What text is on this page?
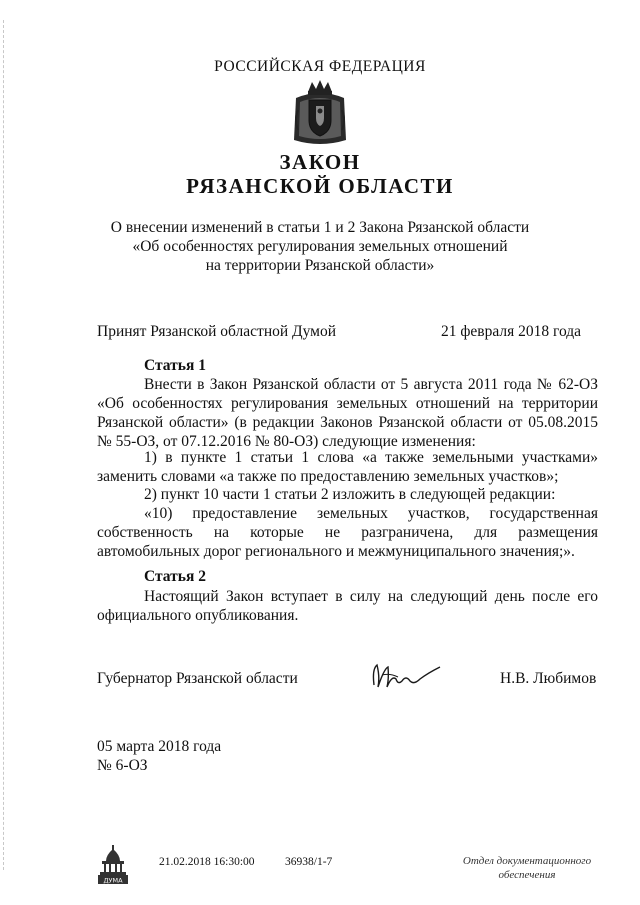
РОССИЙСКАЯ ФЕДЕРАЦИЯ
ЗАКОН
РЯЗАНСКОЙ ОБЛАСТИ
О внесении изменений в статьи 1 и 2 Закона Рязанской области
«Об особенностях регулирования земельных отношений
на территории Рязанской области»
Принят Рязанской областной Думой	21 февраля 2018 года
Статья 1
Внести в Закон Рязанской области от 5 августа 2011 года № 62-ОЗ «Об особенностях регулирования земельных отношений на территории Рязанской области» (в редакции Законов Рязанской области от 05.08.2015 № 55-ОЗ, от 07.12.2016 № 80-ОЗ) следующие изменения:
1) в пункте 1 статьи 1 слова «а также земельными участками» заменить словами «а также по предоставлению земельных участков»;
2) пункт 10 части 1 статьи 2 изложить в следующей редакции:
«10) предоставление земельных участков, государственная собственность на которые не разграничена, для размещения автомобильных дорог регионального и межмуниципального значения;».
Статья 2
Настоящий Закон вступает в силу на следующий день после его официального опубликования.
Губернатор Рязанской области	Н.В. Любимов
05 марта 2018 года
№ 6-ОЗ
ДУМА
21.02.2018 16:30:00	36938/1-7	Отдел документационного
обеспечения
